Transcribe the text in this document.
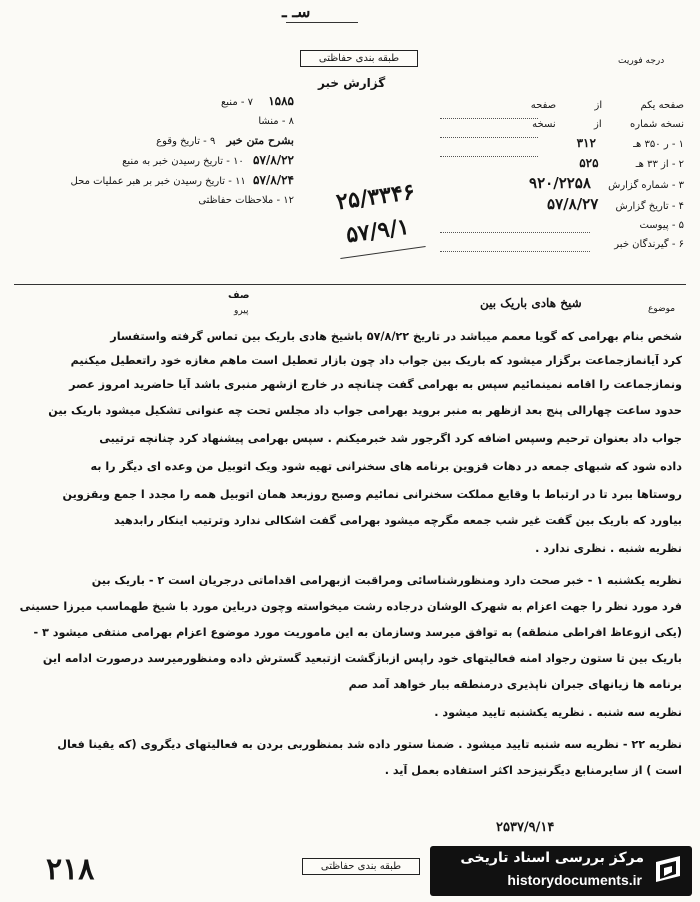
سـ ـ
طبقه بندی حفاظتی
گزارش خبر
درجه فوریت
۱۵۸۵ ۷ - منبع
۸ - منشا
بشرح متن خبر ۹ - تاریخ وقوع
۵۷/۸/۲۲ ۱۰ - تاریخ رسیدن خبر به منبع
۵۷/۸/۲۴ ۱۱ - تاریخ رسیدن خبر بر هبر عملیات محل
۱۲ - ملاحظات حفاظتی
صفحه یکم  از  صفحه
نسخه شماره  از  نسخه
۱ - ر ۳۵۰ هـ ۳۱۲
۲ - از ۳۳ هـ ۵۲۵
۳ - شماره گزارش ۹۲۰/۲۲۵۸
۴ - تاریخ گزارش ۵۷/۸/۲۷
۵ - پیوست
۶ - گیرندگان خبر
۲۵/۳۳۴۶
۵۷/۹/۱
موضوع
شیخ هادی باریک بین
صف
پیرو
شخص بنام بهرامی که گویا معمم میباشد در تاریخ ۵۷/۸/۲۲ باشیخ هادی باریک بین تماس گرفته واستفسار
کرد آیانمازجماعت برگزار میشود که باریک بین جواب داد چون بازار تعطیل است ماهم مغازه خود راتعطیل میکنیم
ونمازجماعت را اقامه نمینمائیم سپس به بهرامی گفت چنانچه در خارج ازشهر منبری باشد آیا حاضرید امروز عصر
حدود ساعت چهارالی پنج بعد ازظهر به منبر بروید بهرامی جواب داد مجلس تحت چه عنوانی تشکیل میشود باریک بین
جواب داد بعنوان ترحیم وسپس اضافه کرد اگرجور شد خبرمیکنم . سپس بهرامی پیشنهاد کرد چنانچه ترتیبی
داده شود که شبهای جمعه در دهات قزوین برنامه های سخنرانی تهیه شود ویک اتوبیل من وعده ای دیگر را به
روستاها ببرد تا در ارتباط با وقایع مملکت سخنرانی نمائیم وصبح روزبعد همان اتوبیل همه را مجدد ا جمع وبقزوین
بیاورد که باریک بین گفت غیر شب جمعه مگرچه میشود بهرامی گفت اشکالی ندارد وترتیب اینکار رابدهید
نظریه شنبه . نظری ندارد .
نظریه یکشنبه ۱ - خبر صحت دارد ومنظورشناسائی ومراقبت ازبهرامی اقداماتی درجریان است ۲ - باریک بین
فرد مورد نظر را جهت اعزام به شهرک الوشان درجاده رشت میخواسته وچون درباین مورد با شیخ طهماسب میرزا حسینی
(یکی ازوعاظ افراطی منطقه) به توافق میرسد وسازمان به این ماموریت مورد موضوع اعزام بهرامی منتفی میشود ۳ -
باریک بین تا ستون رجواد امنه فعالیتهای خود راپس ازبازگشت ازتبعید گسترش داده ومنظورمیرسد درصورت ادامه این
برنامه ها زیانهای جبران ناپذیری درمنطقه ببار خواهد آمد صم
نظریه سه شنبه . نظریه یکشنبه تایید میشود .
نظریه ۲۲ - نظریه سه شنبه تایید میشود . ضمنا ستور داده شد بمنظوربی بردن به فعالیتهای دیگروی (که یقینا فعال
است ) از سایرمنابع دیگرنیزحد اکثر استفاده بعمل آید .
۲۵۳۷/۹/۱۴
۲۱۸	طبقه بندی حفاظتی
مرکز بررسی اسناد تاریخی
historydocuments.ir
